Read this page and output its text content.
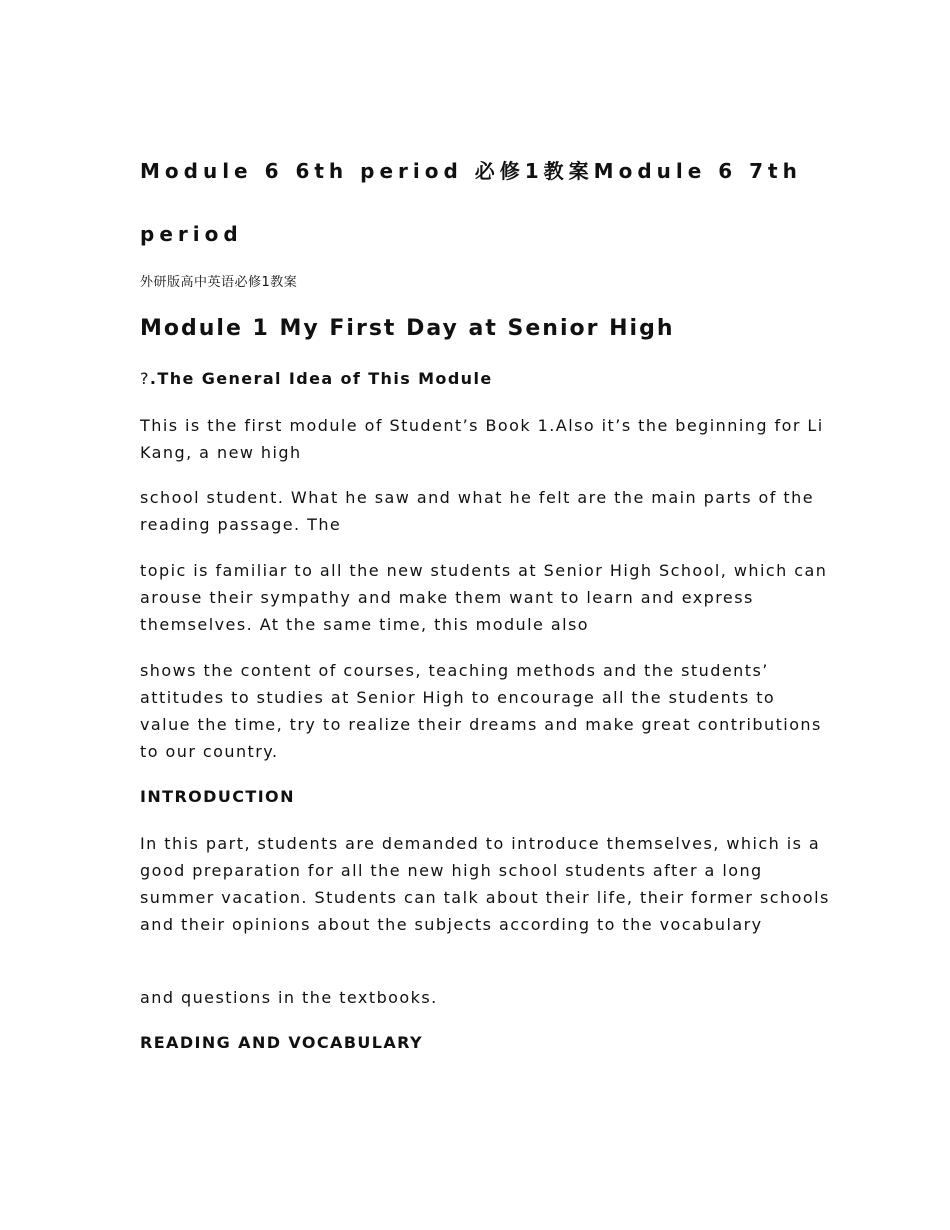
Module 6 6th period 必修1教案Module 6 7th
period

外研版高中英语必修1教案

Module 1 My First Day at Senior High
?.The General Idea of This Module

This is the first module of Student’s Book 1.Also it’s the beginning for Li Kang, a new high

school student. What he saw and what he felt are the main parts of the reading passage. The

topic is familiar to all the new students at Senior High School, which can arouse their sympathy and make them want to learn and express themselves. At the same time, this module also

shows the content of courses, teaching methods and the students’ attitudes to studies at Senior High to encourage all the students to value the time, try to realize their dreams and make great contributions to our country.

INTRODUCTION

In this part, students are demanded to introduce themselves, which is a good preparation for all the new high school students after a long summer vacation. Students can talk about their life, their former schools and their opinions about the subjects according to the vocabulary

and questions in the textbooks.

READING AND VOCABULARY
